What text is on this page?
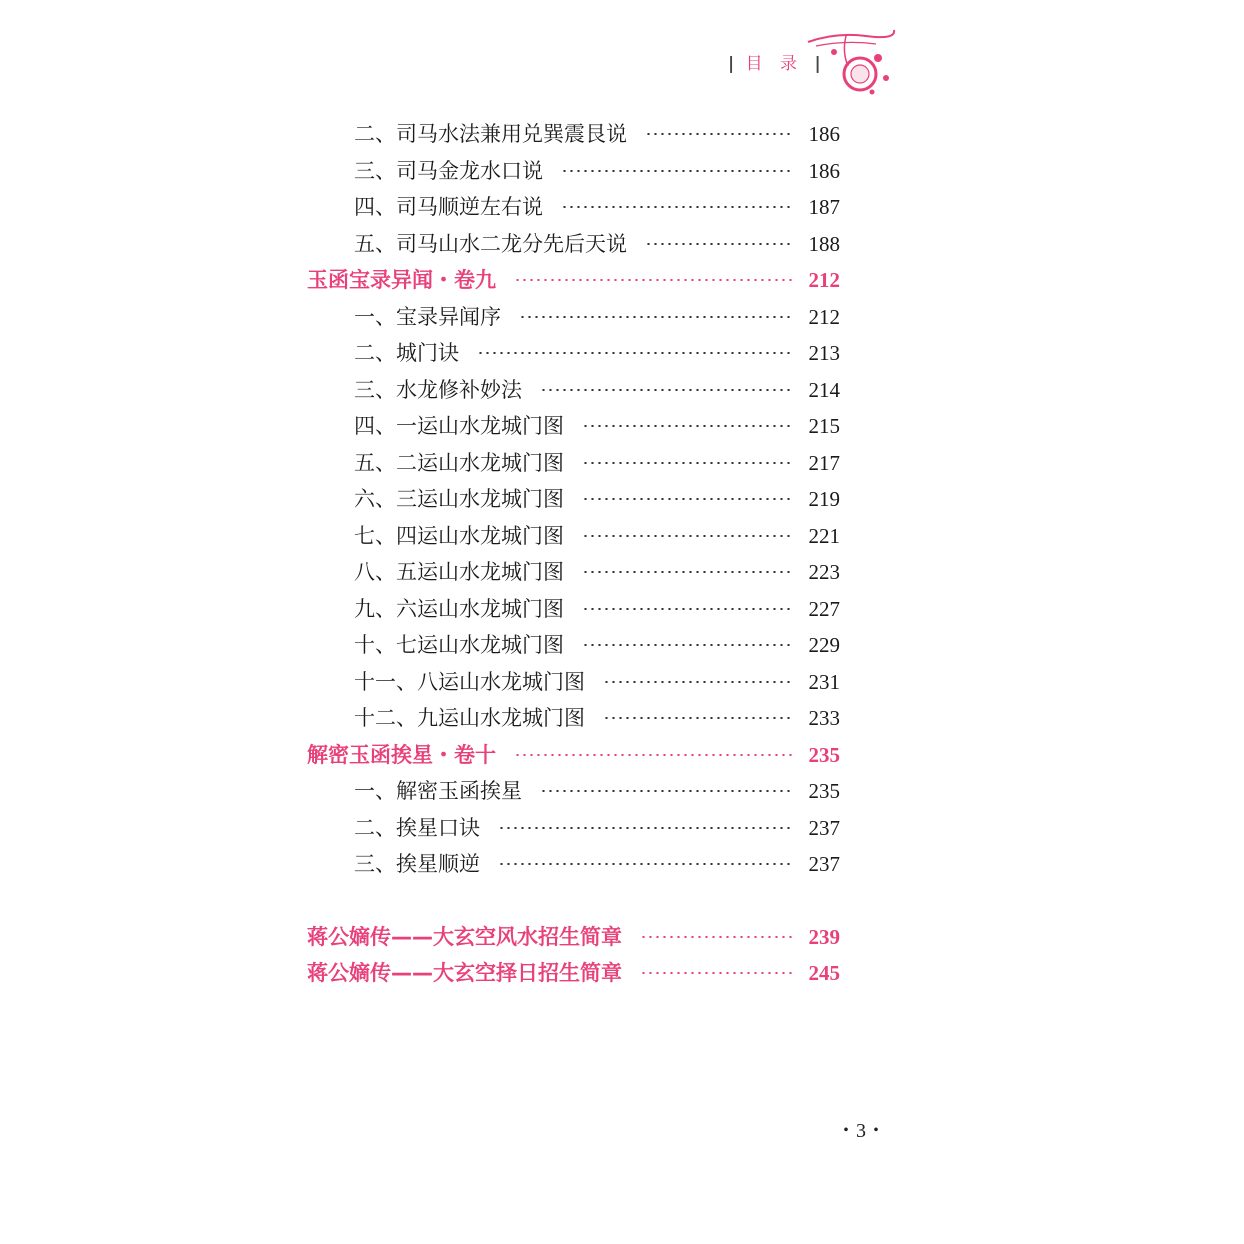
| 目 录 |
二、司马水法兼用兑巽震艮说	186
三、司马金龙水口说	186
四、司马顺逆左右说	187
五、司马山水二龙分先后天说	188
玉函宝录异闻・卷九	212
一、宝录异闻序	212
二、城门诀	213
三、水龙修补妙法	214
四、一运山水龙城门图	215
五、二运山水龙城门图	217
六、三运山水龙城门图	219
七、四运山水龙城门图	221
八、五运山水龙城门图	223
九、六运山水龙城门图	227
十、七运山水龙城门图	229
十一、八运山水龙城门图	231
十二、九运山水龙城门图	233
解密玉函挨星・卷十	235
一、解密玉函挨星	235
二、挨星口诀	237
三、挨星顺逆	237
蒋公嫡传——大玄空风水招生简章	239
蒋公嫡传——大玄空择日招生简章	245
・3・
